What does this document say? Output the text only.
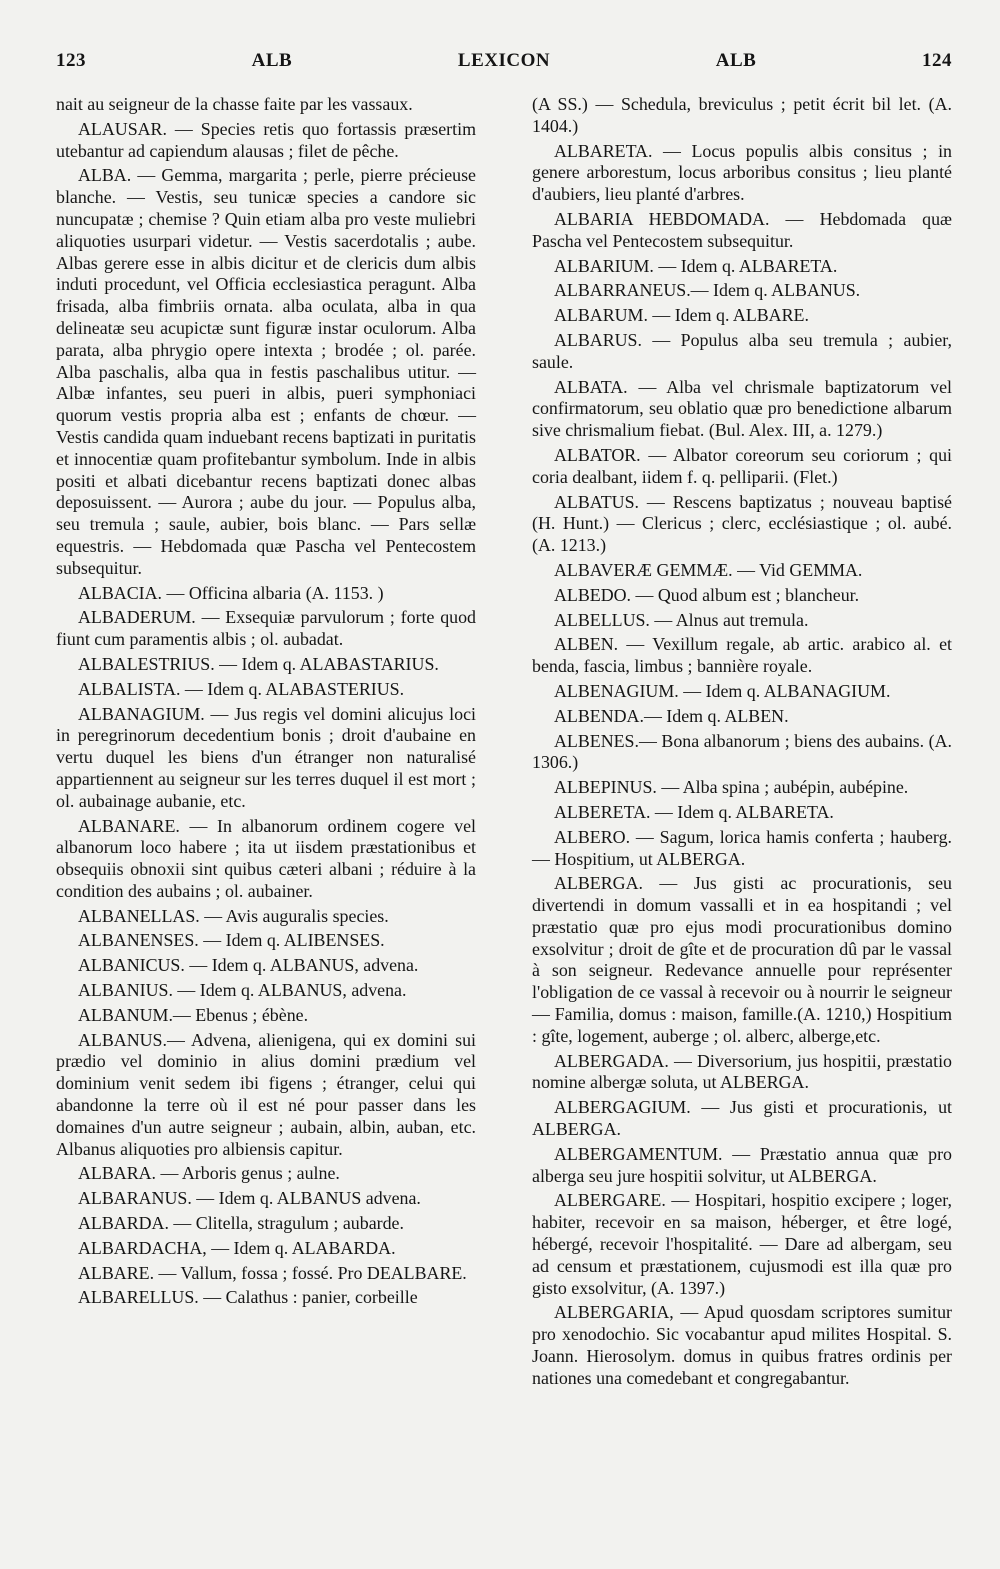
123	ALB	LEXICON	ALB	124

nait au seigneur de la chasse faite par les vassaux.

ALAUSAR. — Species retis quo fortassis præsertim utebantur ad capiendum alausas ; filet de pêche.

ALBA. — Gemma, margarita ; perle, pierre précieuse blanche. — Vestis, seu tunicæ species a candore sic nuncupatæ ; chemise ? Quin etiam alba pro veste muliebri aliquoties usurpari videtur. — Vestis sacerdotalis ; aube. Albas gerere esse in albis dicitur et de clericis dum albis induti procedunt, vel Officia ecclesiastica peragunt. Alba frisada, alba fimbriis ornata. alba oculata, alba in qua delineatæ seu acupictæ sunt figuræ instar oculorum. Alba parata, alba phrygio opere intexta ; brodée ; ol. parée. Alba paschalis, alba qua in festis paschalibus utitur. — Albæ infantes, seu pueri in albis, pueri symphoniaci quorum vestis propria alba est ; enfants de chœur. — Vestis candida quam induebant recens baptizati in puritatis et innocentiæ quam profitebantur symbolum. Inde in albis positi et albati dicebantur recens baptizati donec albas deposuissent. — Aurora ; aube du jour. — Populus alba, seu tremula ; saule, aubier, bois blanc. — Pars sellæ equestris. — Hebdomada quæ Pascha vel Pentecostem subsequitur.

ALBACIA. — Officina albaria (A. 1153. )

ALBADERUM. — Exsequiæ parvulorum ; forte quod fiunt cum paramentis albis ; ol. aubadat.

ALBALESTRIUS. — Idem q. ALABASTARIUS.

ALBALISTA. — Idem q. ALABASTERIUS.

ALBANAGIUM. — Jus regis vel domini alicujus loci in peregrinorum decedentium bonis ; droit d'aubaine en vertu duquel les biens d'un étranger non naturalisé appartiennent au seigneur sur les terres duquel il est mort ; ol. aubainage aubanie, etc.

ALBANARE. — In albanorum ordinem cogere vel albanorum loco habere ; ita ut iisdem præstationibus et obsequiis obnoxii sint quibus cæteri albani ; réduire à la condition des aubains ; ol. aubainer.

ALBANELLAS. — Avis auguralis species.

ALBANENSES. — Idem q. ALIBENSES.

ALBANICUS. — Idem q. ALBANUS, advena.

ALBANIUS. — Idem q. ALBANUS, advena.

ALBANUM.— Ebenus ; ébène.

ALBANUS.— Advena, alienigena, qui ex domini sui prædio vel dominio in alius domini prædium vel dominium venit sedem ibi figens ; étranger, celui qui abandonne la terre où il est né pour passer dans les domaines d'un autre seigneur ; aubain, albin, auban, etc. Albanus aliquoties pro albiensis capitur.

ALBARA. — Arboris genus ; aulne.

ALBARANUS. — Idem q. ALBANUS advena.

ALBARDA. — Clitella, stragulum ; aubarde.

ALBARDACHA, — Idem q. ALABARDA.

ALBARE. — Vallum, fossa ; fossé. Pro DEALBARE.

ALBARELLUS. — Calathus : panier, corbeille

(A SS.) — Schedula, breviculus ; petit écrit bil let. (A. 1404.)

ALBARETA. — Locus populis albis consitus ; in genere arborestum, locus arboribus consitus ; lieu planté d'aubiers, lieu planté d'arbres.

ALBARIA HEBDOMADA. — Hebdomada quæ Pascha vel Pentecostem subsequitur.

ALBARIUM. — Idem q. ALBARETA.

ALBARRANEUS.— Idem q. ALBANUS.

ALBARUM. — Idem q. ALBARE.

ALBARUS. — Populus alba seu tremula ; aubier, saule.

ALBATA. — Alba vel chrismale baptizatorum vel confirmatorum, seu oblatio quæ pro benedictione albarum sive chrismalium fiebat. (Bul. Alex. III, a. 1279.)

ALBATOR. — Albator coreorum seu coriorum ; qui coria dealbant, iidem f. q. pelliparii. (Flet.)

ALBATUS. — Rescens baptizatus ; nouveau baptisé (H. Hunt.) — Clericus ; clerc, ecclésiastique ; ol. aubé. (A. 1213.)

ALBAVERÆ GEMMÆ. — Vid GEMMA.

ALBEDO. — Quod album est ; blancheur.

ALBELLUS. — Alnus aut tremula.

ALBEN. — Vexillum regale, ab artic. arabico al. et benda, fascia, limbus ; bannière royale.

ALBENAGIUM. — Idem q. ALBANAGIUM.

ALBENDA.— Idem q. ALBEN.

ALBENES.— Bona albanorum ; biens des aubains. (A. 1306.)

ALBEPINUS. — Alba spina ; aubépin, aubépine.

ALBERETA. — Idem q. ALBARETA.

ALBERO. — Sagum, lorica hamis conferta ; hauberg. — Hospitium, ut ALBERGA.

ALBERGA. — Jus gisti ac procurationis, seu divertendi in domum vassalli et in ea hospitandi ; vel præstatio quæ pro ejus modi procurationibus domino exsolvitur ; droit de gîte et de procuration dû par le vassal à son seigneur. Redevance annuelle pour représenter l'obligation de ce vassal à recevoir ou à nourrir le seigneur— Familia, domus : maison, famille.(A. 1210,) Hospitium : gîte, logement, auberge ; ol. alberc, alberge,etc.

ALBERGADA. — Diversorium, jus hospitii, præstatio nomine albergæ soluta, ut ALBERGA.

ALBERGAGIUM. — Jus gisti et procurationis, ut ALBERGA.

ALBERGAMENTUM. — Præstatio annua quæ pro alberga seu jure hospitii solvitur, ut ALBERGA.

ALBERGARE. — Hospitari, hospitio excipere ; loger, habiter, recevoir en sa maison, héberger, et être logé, hébergé, recevoir l'hospitalité. — Dare ad albergam, seu ad censum et præstationem, cujusmodi est illa quæ pro gisto exsolvitur, (A. 1397.)

ALBERGARIA, — Apud quosdam scriptores sumitur pro xenodochio. Sic vocabantur apud milites Hospital. S. Joann. Hierosolym. domus in quibus fratres ordinis per nationes una comedebant et congregabantur.
